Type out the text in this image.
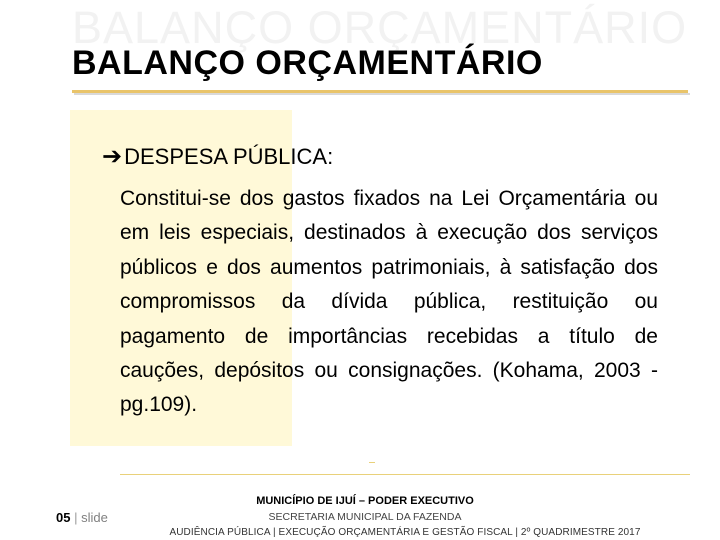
BALANÇO ORÇAMENTÁRIO
BALANÇO ORÇAMENTÁRIO
➔ DESPESA PÚBLICA:
Constitui-se dos gastos fixados na Lei Orçamentária ou em leis especiais, destinados à execução dos serviços públicos e dos aumentos patrimoniais, à satisfação dos compromissos da dívida pública, restituição ou pagamento de importâncias recebidas a título de cauções, depósitos ou consignações. (Kohama, 2003 - pg.109).
05 | slide
MUNICÍPIO DE IJUÍ – PODER EXECUTIVO
SECRETARIA MUNICIPAL DA FAZENDA
AUDIÊNCIA PÚBLICA | EXECUÇÃO ORÇAMENTÁRIA E GESTÃO FISCAL | 2º QUADRIMESTRE 2017
